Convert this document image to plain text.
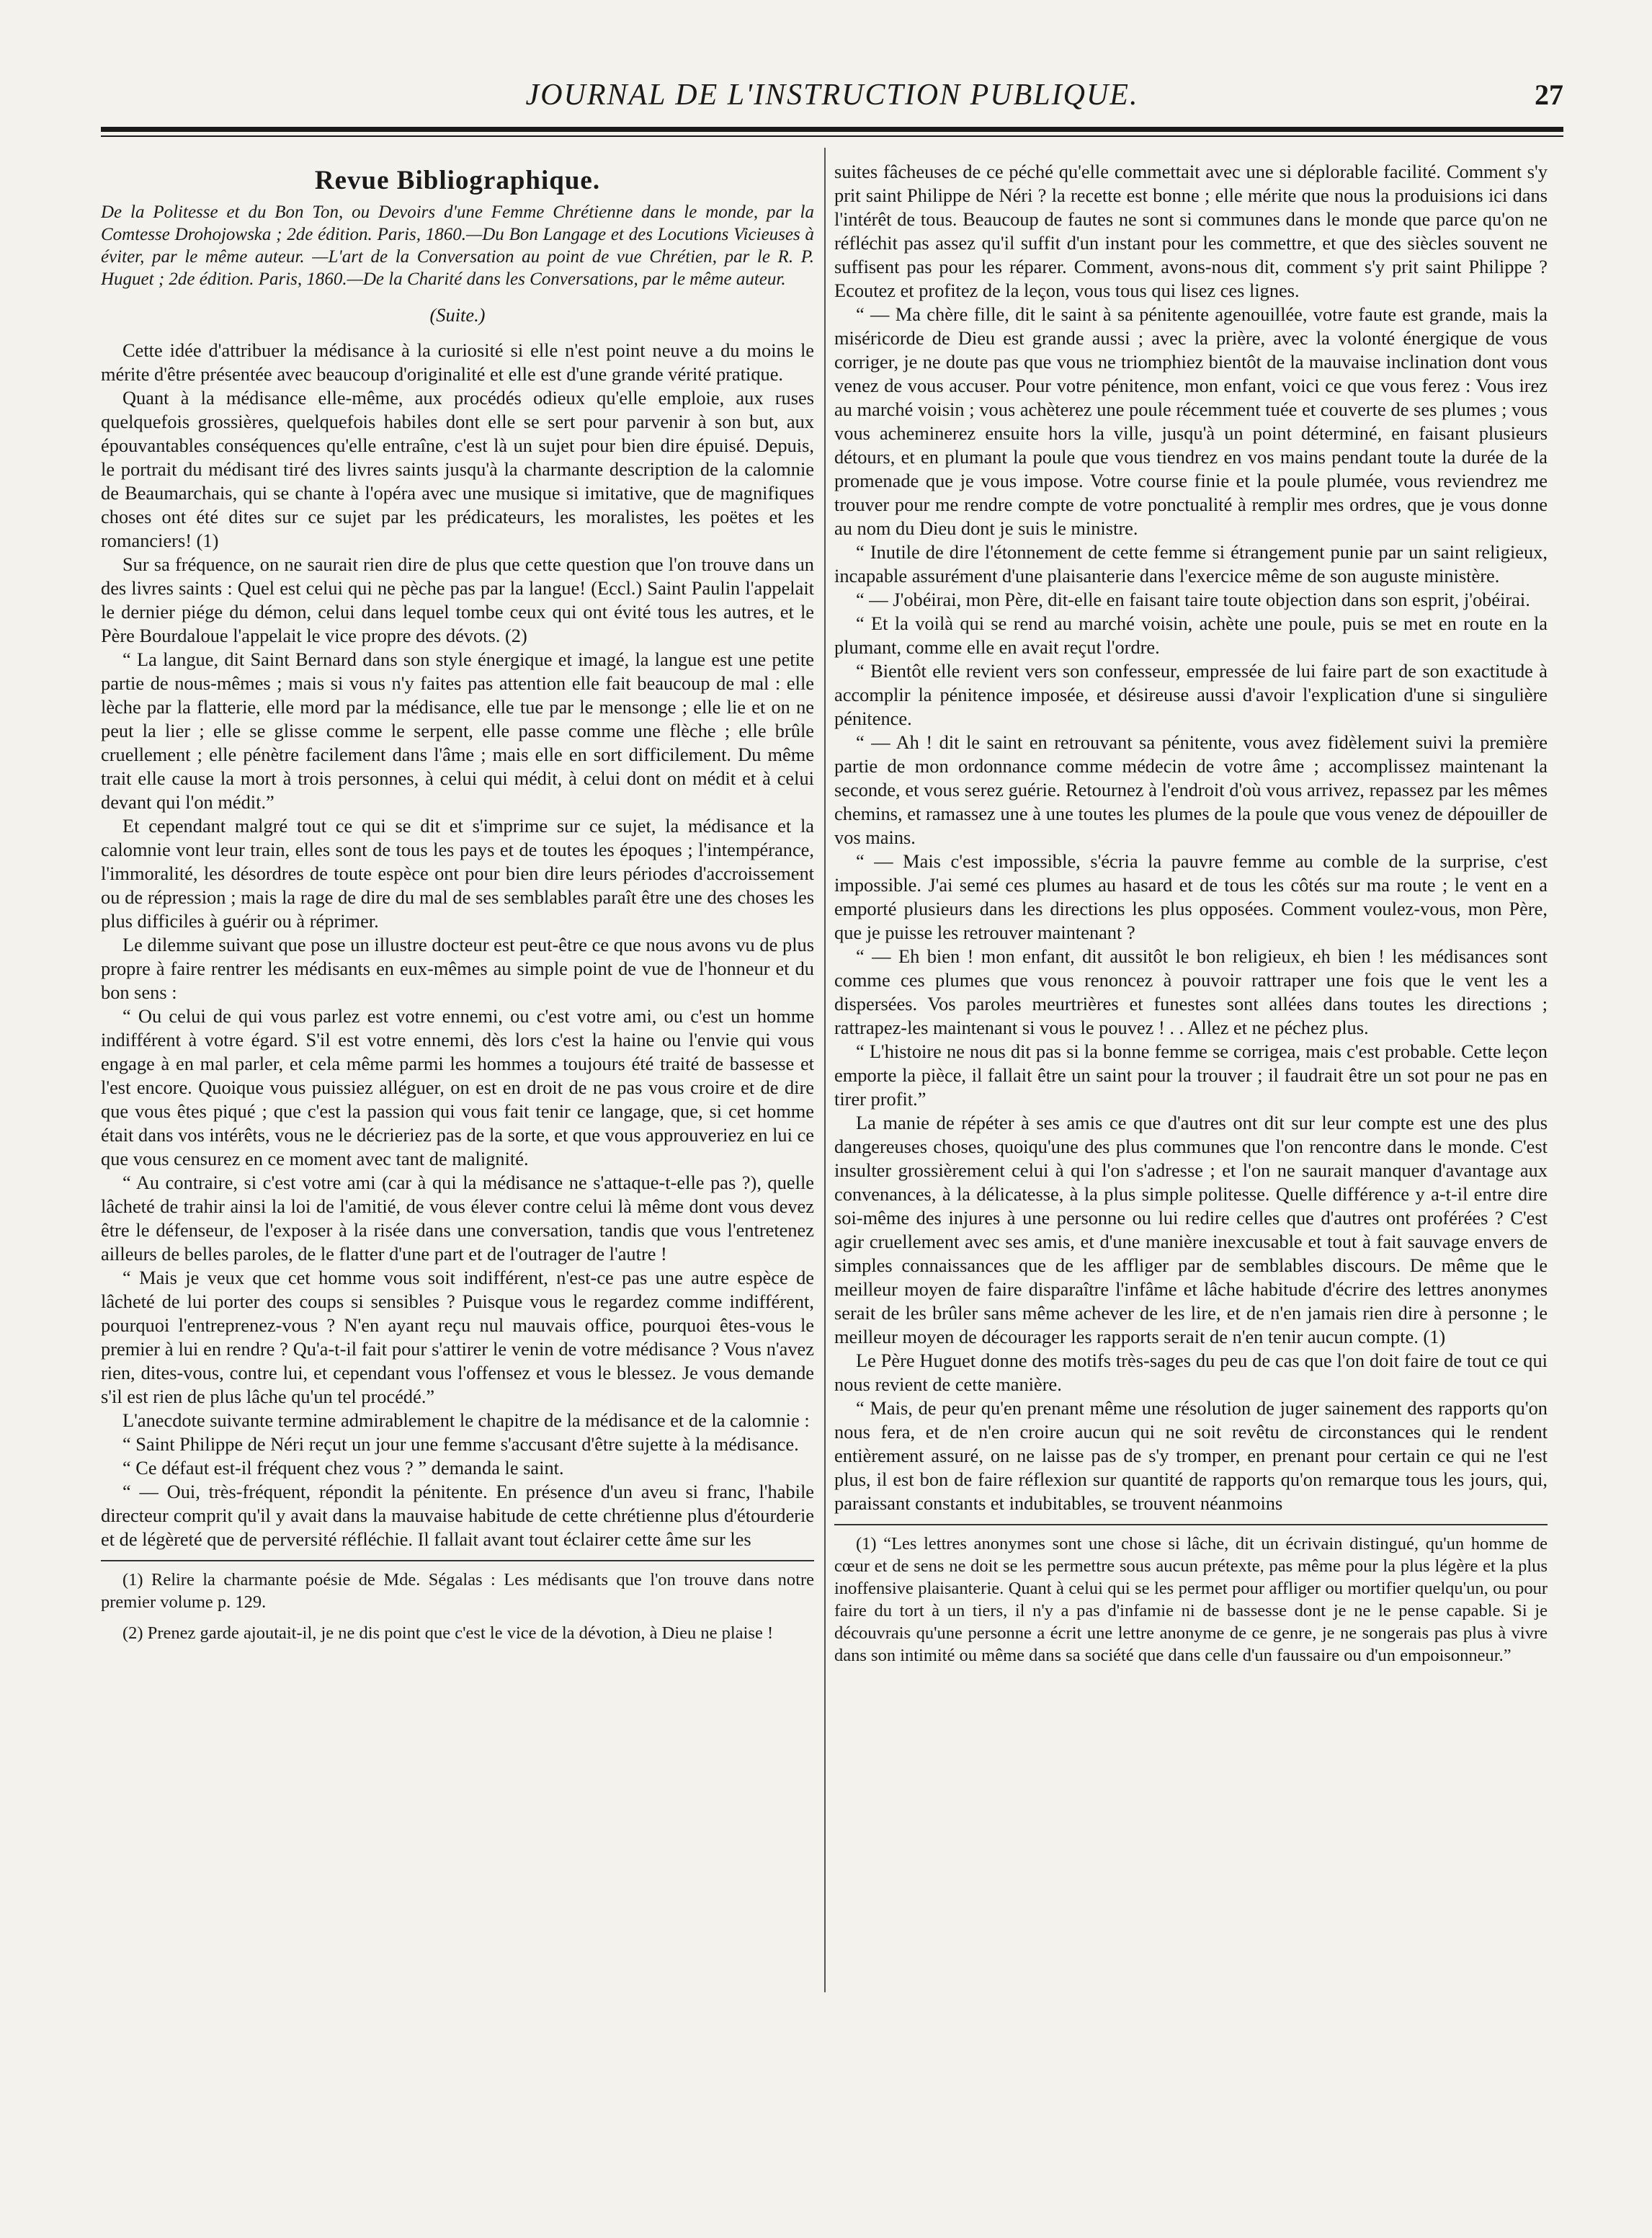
JOURNAL DE L'INSTRUCTION PUBLIQUE.	27
Revue Bibliographique.

De la Politesse et du Bon Ton, ou Devoirs d'une Femme Chrétienne dans le monde, par la Comtesse Drohojowska ; 2de édition. Paris, 1860.—Du Bon Langage et des Locutions Vicieuses à éviter, par le même auteur. —L'art de la Conversation au point de vue Chrétien, par le R. P. Huguet ; 2de édition. Paris, 1860.—De la Charité dans les Conversations, par le même auteur.

(Suite.)

Cette idée d'attribuer la médisance à la curiosité si elle n'est point neuve a du moins le mérite d'être présentée avec beaucoup d'originalité et elle est d'une grande vérité pratique.

Quant à la médisance elle-même, aux procédés odieux qu'elle emploie, aux ruses quelquefois grossières, quelquefois habiles dont elle se sert pour parvenir à son but, aux épouvantables conséquences qu'elle entraîne, c'est là un sujet pour bien dire épuisé. Depuis, le portrait du médisant tiré des livres saints jusqu'à la charmante description de la calomnie de Beaumarchais, qui se chante à l'opéra avec une musique si imitative, que de magnifiques choses ont été dites sur ce sujet par les prédicateurs, les moralistes, les poëtes et les romanciers! (1)

Sur sa fréquence, on ne saurait rien dire de plus que cette question que l'on trouve dans un des livres saints : Quel est celui qui ne pèche pas par la langue! (Eccl.) Saint Paulin l'appelait le dernier piége du démon, celui dans lequel tombe ceux qui ont évité tous les autres, et le Père Bourdaloue l'appelait le vice propre des dévots. (2)

“ La langue, dit Saint Bernard dans son style énergique et imagé, la langue est une petite partie de nous-mêmes ; mais si vous n'y faites pas attention elle fait beaucoup de mal : elle lèche par la flatterie, elle mord par la médisance, elle tue par le mensonge ; elle lie et on ne peut la lier ; elle se glisse comme le serpent, elle passe comme une flèche ; elle brûle cruellement ; elle pénètre facilement dans l'âme ; mais elle en sort difficilement. Du même trait elle cause la mort à trois personnes, à celui qui médit, à celui dont on médit et à celui devant qui l'on médit.”

Et cependant malgré tout ce qui se dit et s'imprime sur ce sujet, la médisance et la calomnie vont leur train, elles sont de tous les pays et de toutes les époques ; l'intempérance, l'immoralité, les désordres de toute espèce ont pour bien dire leurs périodes d'accroissement ou de répression ; mais la rage de dire du mal de ses semblables paraît être une des choses les plus difficiles à guérir ou à réprimer.

Le dilemme suivant que pose un illustre docteur est peut-être ce que nous avons vu de plus propre à faire rentrer les médisants en eux-mêmes au simple point de vue de l'honneur et du bon sens :

“ Ou celui de qui vous parlez est votre ennemi, ou c'est votre ami, ou c'est un homme indifférent à votre égard. S'il est votre ennemi, dès lors c'est la haine ou l'envie qui vous engage à en mal parler, et cela même parmi les hommes a toujours été traité de bassesse et l'est encore. Quoique vous puissiez alléguer, on est en droit de ne pas vous croire et de dire que vous êtes piqué ; que c'est la passion qui vous fait tenir ce langage, que, si cet homme était dans vos intérêts, vous ne le décrieriez pas de la sorte, et que vous approuveriez en lui ce que vous censurez en ce moment avec tant de malignité.

“ Au contraire, si c'est votre ami (car à qui la médisance ne s'attaque-t-elle pas ?), quelle lâcheté de trahir ainsi la loi de l'amitié, de vous élever contre celui là même dont vous devez être le défenseur, de l'exposer à la risée dans une conversation, tandis que vous l'entretenez ailleurs de belles paroles, de le flatter d'une part et de l'outrager de l'autre !

“ Mais je veux que cet homme vous soit indifférent, n'est-ce pas une autre espèce de lâcheté de lui porter des coups si sensibles ? Puisque vous le regardez comme indifférent, pourquoi l'entreprenez-vous ? N'en ayant reçu nul mauvais office, pourquoi êtes-vous le premier à lui en rendre ? Qu'a-t-il fait pour s'attirer le venin de votre médisance ? Vous n'avez rien, dites-vous, contre lui, et cependant vous l'offensez et vous le blessez. Je vous demande s'il est rien de plus lâche qu'un tel procédé.”

L'anecdote suivante termine admirablement le chapitre de la médisance et de la calomnie :

“ Saint Philippe de Néri reçut un jour une femme s'accusant d'être sujette à la médisance.

“ Ce défaut est-il fréquent chez vous ? ” demanda le saint.

“ — Oui, très-fréquent, répondit la pénitente. En présence d'un aveu si franc, l'habile directeur comprit qu'il y avait dans la mauvaise habitude de cette chrétienne plus d'étourderie et de légèreté que de perversité réfléchie. Il fallait avant tout éclairer cette âme sur les

(1) Relire la charmante poésie de Mde. Ségalas : Les médisants que l'on trouve dans notre premier volume p. 129.

(2) Prenez garde ajoutait-il, je ne dis point que c'est le vice de la dévotion, à Dieu ne plaise !

suites fâcheuses de ce péché qu'elle commettait avec une si déplorable facilité. Comment s'y prit saint Philippe de Néri ? la recette est bonne ; elle mérite que nous la produisions ici dans l'intérêt de tous. Beaucoup de fautes ne sont si communes dans le monde que parce qu'on ne réfléchit pas assez qu'il suffit d'un instant pour les commettre, et que des siècles souvent ne suffisent pas pour les réparer. Comment, avons-nous dit, comment s'y prit saint Philippe ? Ecoutez et profitez de la leçon, vous tous qui lisez ces lignes.

“ — Ma chère fille, dit le saint à sa pénitente agenouillée, votre faute est grande, mais la miséricorde de Dieu est grande aussi ; avec la prière, avec la volonté énergique de vous corriger, je ne doute pas que vous ne triomphiez bientôt de la mauvaise inclination dont vous venez de vous accuser. Pour votre pénitence, mon enfant, voici ce que vous ferez : Vous irez au marché voisin ; vous achèterez une poule récemment tuée et couverte de ses plumes ; vous vous acheminerez ensuite hors la ville, jusqu'à un point déterminé, en faisant plusieurs détours, et en plumant la poule que vous tiendrez en vos mains pendant toute la durée de la promenade que je vous impose. Votre course finie et la poule plumée, vous reviendrez me trouver pour me rendre compte de votre ponctualité à remplir mes ordres, que je vous donne au nom du Dieu dont je suis le ministre.

“ Inutile de dire l'étonnement de cette femme si étrangement punie par un saint religieux, incapable assurément d'une plaisanterie dans l'exercice même de son auguste ministère.

“ — J'obéirai, mon Père, dit-elle en faisant taire toute objection dans son esprit, j'obéirai.

“ Et la voilà qui se rend au marché voisin, achète une poule, puis se met en route en la plumant, comme elle en avait reçut l'ordre.

“ Bientôt elle revient vers son confesseur, empressée de lui faire part de son exactitude à accomplir la pénitence imposée, et désireuse aussi d'avoir l'explication d'une si singulière pénitence.

“ — Ah ! dit le saint en retrouvant sa pénitente, vous avez fidèlement suivi la première partie de mon ordonnance comme médecin de votre âme ; accomplissez maintenant la seconde, et vous serez guérie. Retournez à l'endroit d'où vous arrivez, repassez par les mêmes chemins, et ramassez une à une toutes les plumes de la poule que vous venez de dépouiller de vos mains.

“ — Mais c'est impossible, s'écria la pauvre femme au comble de la surprise, c'est impossible. J'ai semé ces plumes au hasard et de tous les côtés sur ma route ; le vent en a emporté plusieurs dans les directions les plus opposées. Comment voulez-vous, mon Père, que je puisse les retrouver maintenant ?

“ — Eh bien ! mon enfant, dit aussitôt le bon religieux, eh bien ! les médisances sont comme ces plumes que vous renoncez à pouvoir rattraper une fois que le vent les a dispersées. Vos paroles meurtrières et funestes sont allées dans toutes les directions ; rattrapez-les maintenant si vous le pouvez ! . . Allez et ne péchez plus.

“ L'histoire ne nous dit pas si la bonne femme se corrigea, mais c'est probable. Cette leçon emporte la pièce, il fallait être un saint pour la trouver ; il faudrait être un sot pour ne pas en tirer profit.”

La manie de répéter à ses amis ce que d'autres ont dit sur leur compte est une des plus dangereuses choses, quoiqu'une des plus communes que l'on rencontre dans le monde. C'est insulter grossièrement celui à qui l'on s'adresse ; et l'on ne saurait manquer d'avantage aux convenances, à la délicatesse, à la plus simple politesse. Quelle différence y a-t-il entre dire soi-même des injures à une personne ou lui redire celles que d'autres ont proférées ? C'est agir cruellement avec ses amis, et d'une manière inexcusable et tout à fait sauvage envers de simples connaissances que de les affliger par de semblables discours. De même que le meilleur moyen de faire disparaître l'infâme et lâche habitude d'écrire des lettres anonymes serait de les brûler sans même achever de les lire, et de n'en jamais rien dire à personne ; le meilleur moyen de décourager les rapports serait de n'en tenir aucun compte. (1)

Le Père Huguet donne des motifs très-sages du peu de cas que l'on doit faire de tout ce qui nous revient de cette manière.

“ Mais, de peur qu'en prenant même une résolution de juger sainement des rapports qu'on nous fera, et de n'en croire aucun qui ne soit revêtu de circonstances qui le rendent entièrement assuré, on ne laisse pas de s'y tromper, en prenant pour certain ce qui ne l'est plus, il est bon de faire réflexion sur quantité de rapports qu'on remarque tous les jours, qui, paraissant constants et indubitables, se trouvent néanmoins

(1) “Les lettres anonymes sont une chose si lâche, dit un écrivain distingué, qu'un homme de cœur et de sens ne doit se les permettre sous aucun prétexte, pas même pour la plus légère et la plus inoffensive plaisanterie. Quant à celui qui se les permet pour affliger ou mortifier quelqu'un, ou pour faire du tort à un tiers, il n'y a pas d'infamie ni de bassesse dont je ne le pense capable. Si je découvrais qu'une personne a écrit une lettre anonyme de ce genre, je ne songerais pas plus à vivre dans son intimité ou même dans sa société que dans celle d'un faussaire ou d'un empoisonneur.”
